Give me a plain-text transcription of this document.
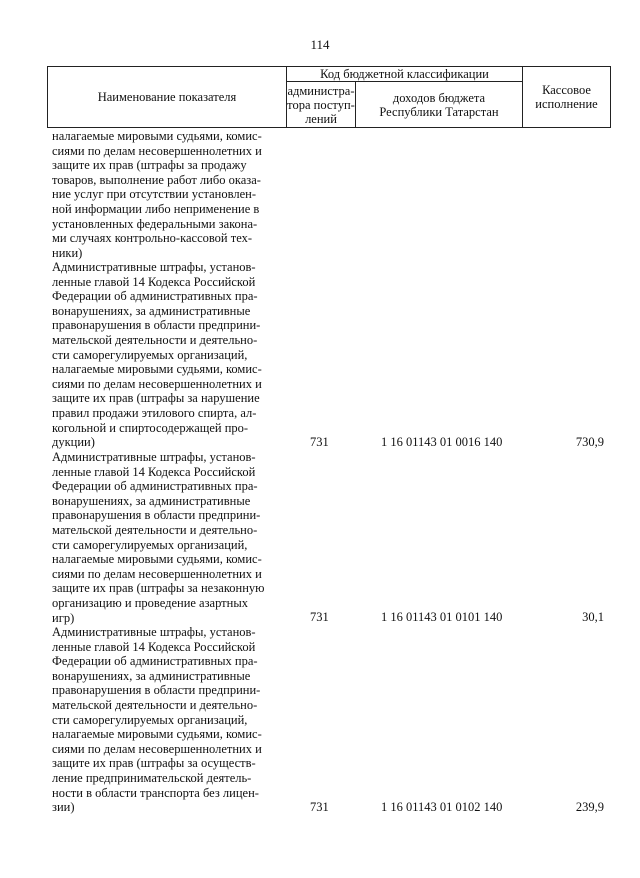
114
Наименование показателя
Код бюджетной классификации
администра-
тора поступ-
лений
доходов бюджета
Республики Татарстан
Кассовое
исполнение
налагаемые мировыми судьями, комис-
сиями по делам несовершеннолетних и
защите их прав (штрафы за продажу
товаров, выполнение работ либо оказа-
ние услуг при отсутствии установлен-
ной информации либо неприменение в
установленных федеральными закона-
ми случаях контрольно-кассовой тех-
ники)
Административные штрафы, установ-
ленные главой 14 Кодекса Российской
Федерации об административных пра-
вонарушениях, за административные
правонарушения в области предприни-
мательской деятельности и деятельно-
сти саморегулируемых организаций,
налагаемые мировыми судьями, комис-
сиями по делам несовершеннолетних и
защите их прав (штрафы за нарушение
правил продажи этилового спирта, ал-
когольной и спиртосодержащей про-
дукции)	731	1 16 01143 01 0016 140	730,9
Административные штрафы, установ-
ленные главой 14 Кодекса Российской
Федерации об административных пра-
вонарушениях, за административные
правонарушения в области предприни-
мательской деятельности и деятельно-
сти саморегулируемых организаций,
налагаемые мировыми судьями, комис-
сиями по делам несовершеннолетних и
защите их прав (штрафы за незаконную
организацию и проведение азартных
игр)	731	1 16 01143 01 0101 140	30,1
Административные штрафы, установ-
ленные главой 14 Кодекса Российской
Федерации об административных пра-
вонарушениях, за административные
правонарушения в области предприни-
мательской деятельности и деятельно-
сти саморегулируемых организаций,
налагаемые мировыми судьями, комис-
сиями по делам несовершеннолетних и
защите их прав (штрафы за осуществ-
ление предпринимательской деятель-
ности в области транспорта без лицен-
зии)	731	1 16 01143 01 0102 140	239,9
